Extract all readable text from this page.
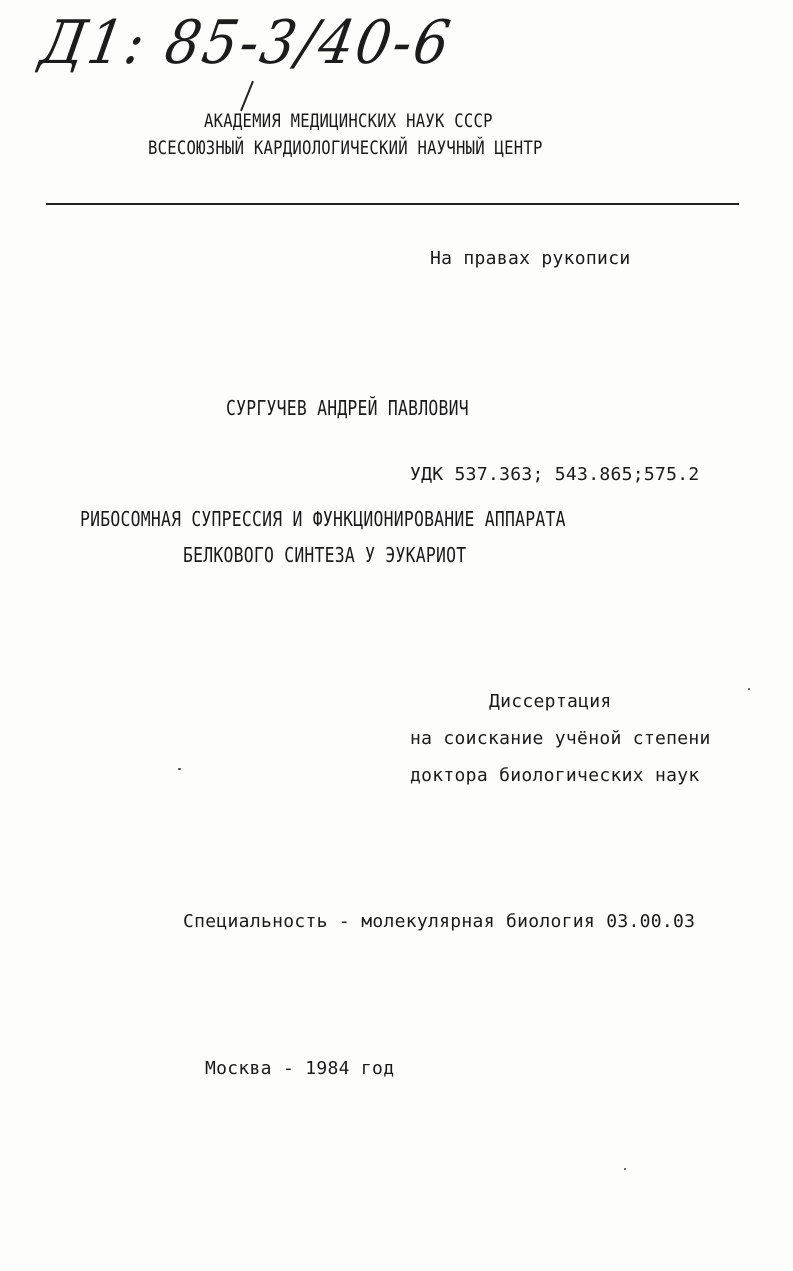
Д1: 85-3/40-6
АКАДЕМИЯ МЕДИЦИНСКИХ НАУК СССР
ВСЕСОЮЗНЫЙ КАРДИОЛОГИЧЕСКИЙ НАУЧНЫЙ ЦЕНТР
На правах рукописи
СУРГУЧЕВ АНДРЕЙ ПАВЛОВИЧ
УДК 537.363; 543.865;575.2
РИБОСОМНАЯ СУПРЕССИЯ И ФУНКЦИОНИРОВАНИЕ АППАРАТА
БЕЛКОВОГО СИНТЕЗА У ЭУКАРИОТ
Диссертация
на соискание учёной степени
доктора биологических наук
Специальность - молекулярная биология 03.00.03
Москва - 1984 год
